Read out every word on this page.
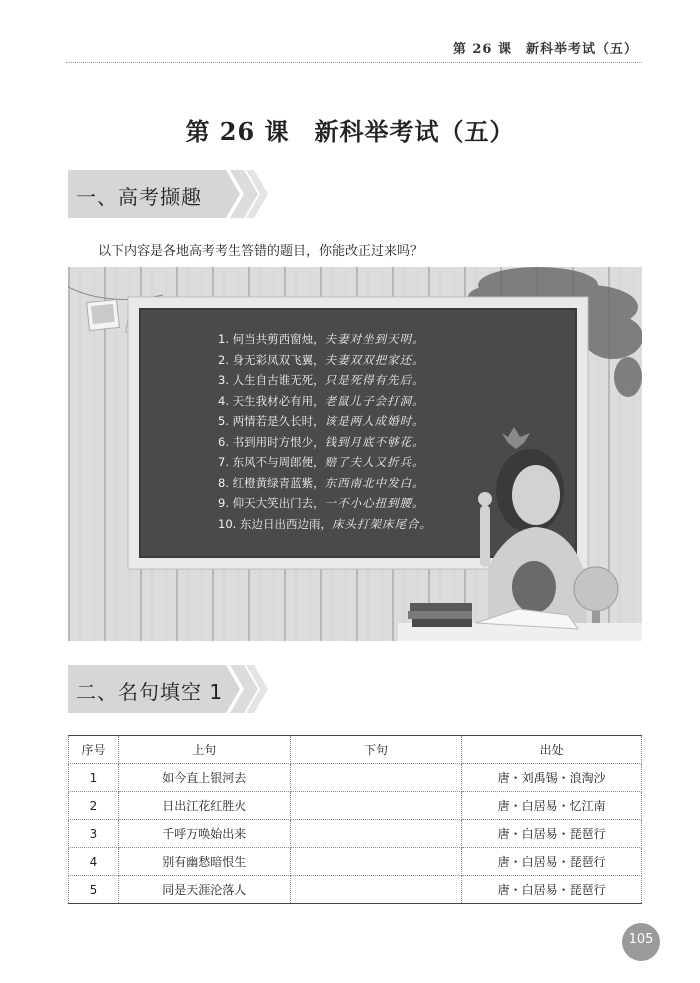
第 26 课　新科举考试（五）
第 26 课　新科举考试（五）
一、高考撷趣
以下内容是各地高考考生答错的题目，你能改正过来吗？
1. 何当共剪西窗烛，夫妻对坐到天明。
2. 身无彩凤双飞翼，夫妻双双把家还。
3. 人生自古谁无死，只是死得有先后。
4. 天生我材必有用，老鼠儿子会打洞。
5. 两情若是久长时，该是两人成婚时。
6. 书到用时方恨少，钱到月底不够花。
7. 东风不与周郎便，赔了夫人又折兵。
8. 红橙黄绿青蓝紫，东西南北中发白。
9. 仰天大笑出门去，一不小心扭到腰。
10. 东边日出西边雨，床头打架床尾合。
二、名句填空 1
序号	上句	下句	出处
1	如今直上银河去		唐・刘禹锡・浪淘沙
2	日出江花红胜火		唐・白居易・忆江南
3	千呼万唤始出来		唐・白居易・琵琶行
4	别有幽愁暗恨生		唐・白居易・琵琶行
5	同是天涯沦落人		唐・白居易・琵琶行
105
